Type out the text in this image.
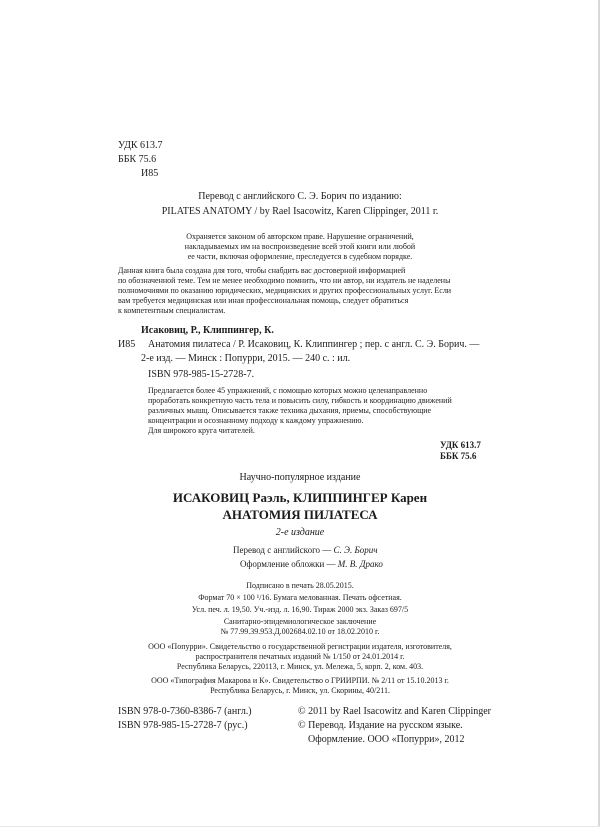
УДК 613.7
ББК 75.6
И85
Перевод с английского С. Э. Борич по изданию:
PILATES ANATOMY / by Rael Isacowitz, Karen Clippinger, 2011 г.
Охраняется законом об авторском праве. Нарушение ограничений,
накладываемых им на воспроизведение всей этой книги или любой
ее части, включая оформление, преследуется в судебном порядке.
Данная книга была создана для того, чтобы снабдить вас достоверной информацией
по обозначенной теме. Тем не менее необходимо помнить, что ни автор, ни издатель не наделены
полномочиями по оказанию юридических, медицинских и других профессиональных услуг. Если
вам требуется медицинская или иная профессиональная помощь, следует обратиться
к компетентным специалистам.
Исаковиц, Р., Клиппингер, К.
И85 Анатомия пилатеса / Р. Исаковиц, К. Клиппингер ; пер. с англ. С. Э. Борич. —
2-е изд. — Минск : Попурри, 2015. — 240 с. : ил.
ISBN 978-985-15-2728-7.
Предлагается более 45 упражнений, с помощью которых можно целенаправленно
проработать конкретную часть тела и повысить силу, гибкость и координацию движений
различных мышц. Описывается также техника дыхания, приемы, способствующие
концентрации и осознанному подходу к каждому упражнению.
Для широкого круга читателей.
УДК 613.7
ББК 75.6
Научно-популярное издание
ИСАКОВИЦ Раэль, КЛИППИНГЕР Карен
АНАТОМИЯ ПИЛАТЕСА
2-е издание
Перевод с английского — С. Э. Борич
Оформление обложки — М. В. Драко
Подписано в печать 28.05.2015.
Формат 70 × 100 ¹/16. Бумага мелованная. Печать офсетная.
Усл. печ. л. 19,50. Уч.-изд. л. 16,90. Тираж 2000 экз. Заказ 697/5
Санитарно-эпидемиологическое заключение
№ 77.99.39.953.Д.002684.02.10 от 18.02.2010 г.
ООО «Попурри». Свидетельство о государственной регистрации издателя, изготовителя,
распространителя печатных изданий № 1/150 от 24.01.2014 г.
Республика Беларусь, 220113, г. Минск, ул. Мележа, 5, корп. 2, ком. 403.
ООО «Типография Макарова и К». Свидетельство о ГРИИРПИ. № 2/11 от 15.10.2013 г.
Республика Беларусь, г. Минск, ул. Скорины, 40/211.
ISBN 978-0-7360-8386-7 (англ.)
ISBN 978-985-15-2728-7 (рус.)
© 2011 by Rael Isacowitz and Karen Clippinger
© Перевод. Издание на русском языке.
Оформление. ООО «Попурри», 2012
